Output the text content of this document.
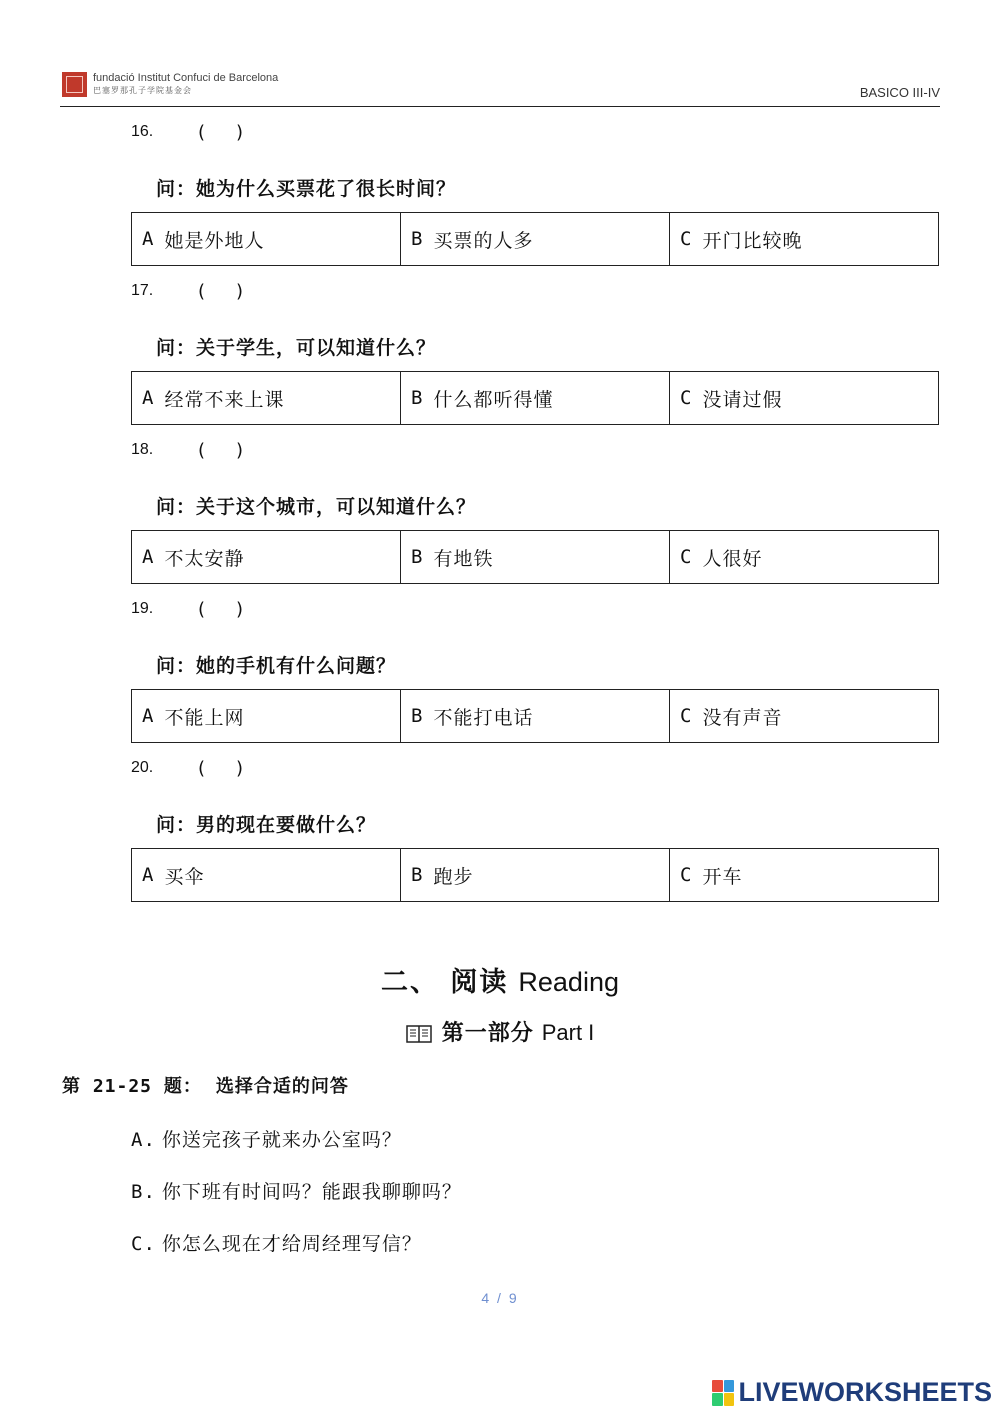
fundació Institut Confuci de Barcelona
巴塞罗那孔子学院基金会	BASICO III-IV
16. ( )
问：她为什么买票花了很长时间？
A 她是外地人	B 买票的人多	C 开门比较晚
17. ( )
问：关于学生，可以知道什么？
A 经常不来上课	B 什么都听得懂	C 没请过假
18. ( )
问：关于这个城市，可以知道什么？
A 不太安静	B 有地铁	C 人很好
19. ( )
问：她的手机有什么问题？
A 不能上网	B 不能打电话	C 没有声音
20. ( )
问：男的现在要做什么？
A 买伞	B 跑步	C 开车
二、 阅读 Reading
第一部分 Part I
第 21-25 题： 选择合适的问答
A. 你送完孩子就来办公室吗？
B. 你下班有时间吗？能跟我聊聊吗？
C. 你怎么现在才给周经理写信？
4 / 9
LIVEWORKSHEETS
